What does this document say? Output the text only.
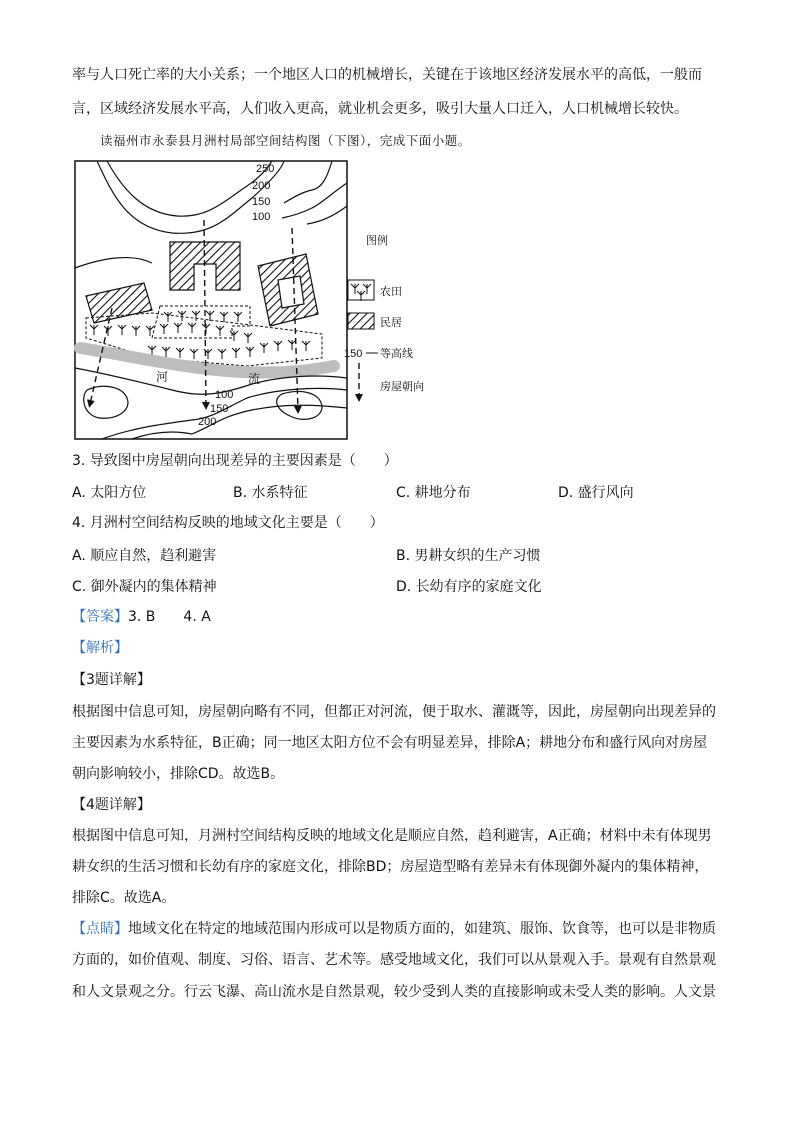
率与人口死亡率的大小关系；一个地区人口的机械增长，关键在于该地区经济发展水平的高低，一般而
言，区域经济发展水平高，人们收入更高，就业机会更多，吸引大量人口迁入，人口机械增长较快。
读福州市永泰县月洲村局部空间结构图（下图），完成下面小题。
250
200
150
100
河	流
100
150
200
图例
农田
民居
150 等高线
房屋朝向
3. 导致图中房屋朝向出现差异的主要因素是（　　）
A. 太阳方位	B. 水系特征	C. 耕地分布	D. 盛行风向
4. 月洲村空间结构反映的地域文化主要是（　　）
A. 顺应自然，趋利避害	B. 男耕女织的生产习惯
C. 御外凝内的集体精神	D. 长幼有序的家庭文化
【答案】3. B　　4. A
【解析】
【3题详解】
根据图中信息可知，房屋朝向略有不同，但都正对河流，便于取水、灌溉等，因此，房屋朝向出现差异的
主要因素为水系特征，B正确；同一地区太阳方位不会有明显差异，排除A；耕地分布和盛行风向对房屋
朝向影响较小，排除CD。故选B。
【4题详解】
根据图中信息可知，月洲村空间结构反映的地域文化是顺应自然，趋利避害，A正确；材料中未有体现男
耕女织的生活习惯和长幼有序的家庭文化，排除BD；房屋造型略有差异未有体现御外凝内的集体精神，
排除C。故选A。
【点睛】地域文化在特定的地域范围内形成可以是物质方面的，如建筑、服饰、饮食等，也可以是非物质
方面的，如价值观、制度、习俗、语言、艺术等。感受地域文化，我们可以从景观入手。景观有自然景观
和人文景观之分。行云飞瀑、高山流水是自然景观，较少受到人类的直接影响或未受人类的影响。人文景
